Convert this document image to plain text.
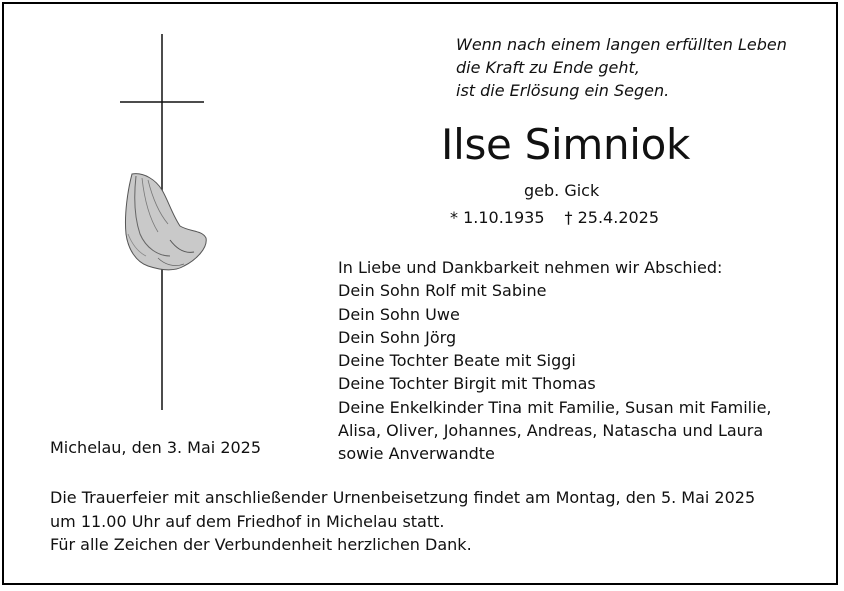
Wenn nach einem langen erfüllten Leben
die Kraft zu Ende geht,
ist die Erlösung ein Segen.
Ilse Simniok
geb. Gick
* 1.10.1935 † 25.4.2025
In Liebe und Dankbarkeit nehmen wir Abschied:
Dein Sohn Rolf mit Sabine
Dein Sohn Uwe
Dein Sohn Jörg
Deine Tochter Beate mit Siggi
Deine Tochter Birgit mit Thomas
Deine Enkelkinder Tina mit Familie, Susan mit Familie,
Alisa, Oliver, Johannes, Andreas, Natascha und Laura
sowie Anverwandte
Michelau, den 3. Mai 2025
Die Trauerfeier mit anschließender Urnenbeisetzung findet am Montag, den 5. Mai 2025
um 11.00 Uhr auf dem Friedhof in Michelau statt.
Für alle Zeichen der Verbundenheit herzlichen Dank.
